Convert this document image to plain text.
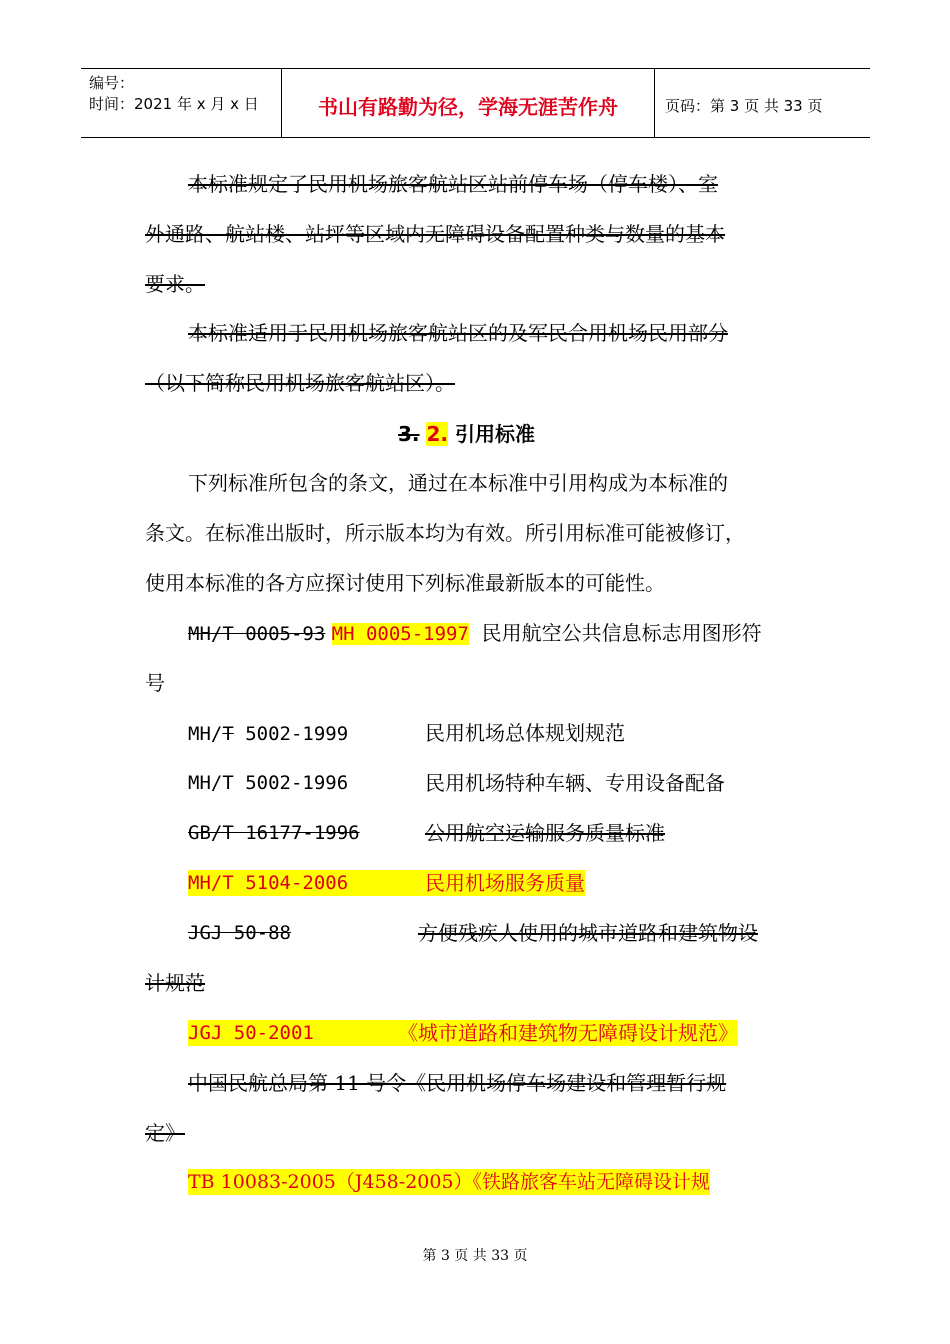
编号：
时间：2021 年 x 月 x 日	书山有路勤为径，学海无涯苦作舟	页码：第 3 页 共 33 页
本标准规定了民用机场旅客航站区站前停车场（停车楼）、室
外通路、航站楼、站坪等区域内无障碍设备配置种类与数量的基本
要求。
本标准适用于民用机场旅客航站区的及军民合用机场民用部分
（以下简称民用机场旅客航站区）。
3. 2. 引用标准
下列标准所包含的条文，通过在本标准中引用构成为本标准的
条文。在标准出版时，所示版本均为有效。所引用标准可能被修订，
使用本标准的各方应探讨使用下列标准最新版本的可能性。
MH/T 0005-93 MH 0005-1997  民用航空公共信息标志用图形符
号
MH/T 5002-1999	民用机场总体规划规范
MH/T 5002-1996	民用机场特种车辆、专用设备配备
GB/T 16177-1996	公用航空运输服务质量标准
MH/T 5104-2006	民用机场服务质量
JGJ 50-88	方便残疾人使用的城市道路和建筑物设
计规范
JGJ 50-2001	《城市道路和建筑物无障碍设计规范》
中国民航总局第 11 号令《民用机场停车场建设和管理暂行规
定》
TB 10083-2005（J458-2005）《铁路旅客车站无障碍设计规
第 3 页 共 33 页
